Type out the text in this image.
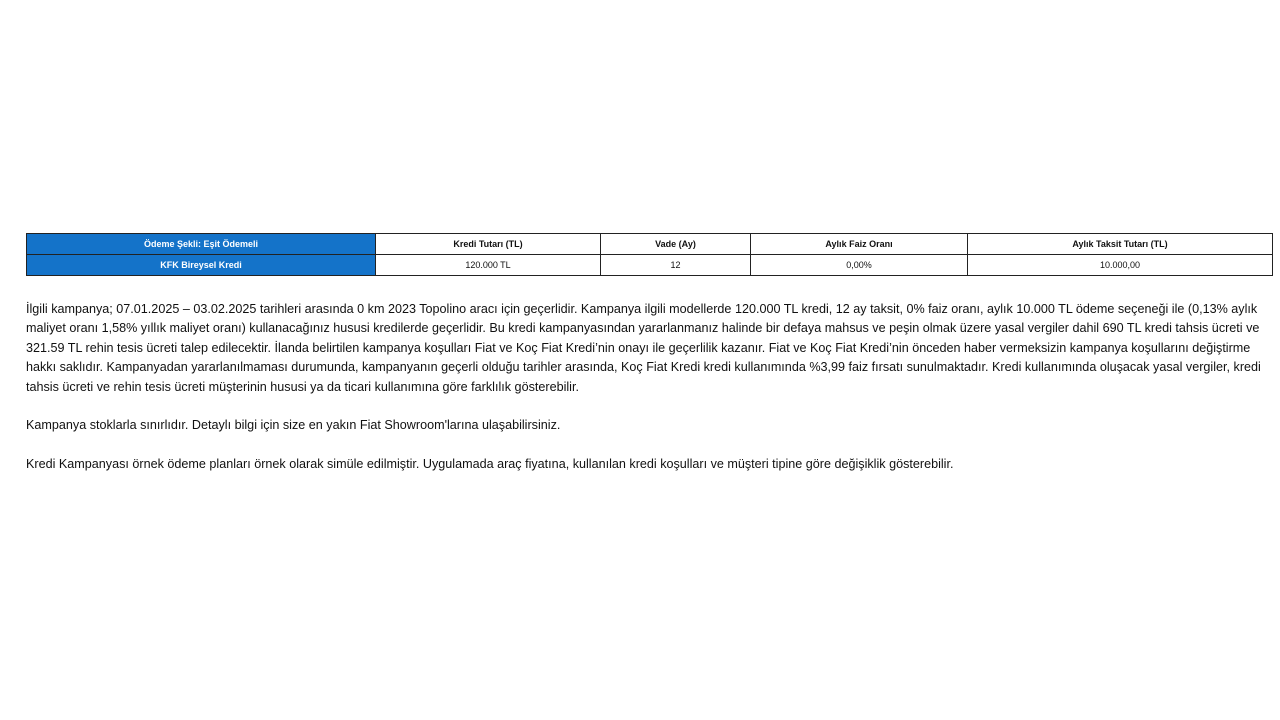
Ödeme Şekli: Eşit Ödemeli	Kredi Tutarı (TL)	Vade (Ay)	Aylık Faiz Oranı	Aylık Taksit Tutarı (TL)
KFK Bireysel Kredi	120.000 TL	12	0,00%	10.000,00

İlgili kampanya; 07.01.2025 – 03.02.2025 tarihleri arasında 0 km 2023 Topolino aracı için geçerlidir. Kampanya ilgili modellerde 120.000 TL kredi, 12 ay taksit, 0% faiz oranı, aylık 10.000 TL ödeme seçeneği ile (0,13% aylık maliyet oranı 1,58% yıllık maliyet oranı) kullanacağınız hususi kredilerde geçerlidir. Bu kredi kampanyasından yararlanmanız halinde bir defaya mahsus ve peşin olmak üzere yasal vergiler dahil 690 TL kredi tahsis ücreti ve 321.59 TL rehin tesis ücreti talep edilecektir. İlanda belirtilen kampanya koşulları Fiat ve Koç Fiat Kredi’nin onayı ile geçerlilik kazanır. Fiat ve Koç Fiat Kredi’nin önceden haber vermeksizin kampanya koşullarını değiştirme hakkı saklıdır. Kampanyadan yararlanılmaması durumunda, kampanyanın geçerli olduğu tarihler arasında, Koç Fiat Kredi kredi kullanımında %3,99 faiz fırsatı sunulmaktadır. Kredi kullanımında oluşacak yasal vergiler, kredi tahsis ücreti ve rehin tesis ücreti müşterinin hususi ya da ticari kullanımına göre farklılık gösterebilir.

Kampanya stoklarla sınırlıdır. Detaylı bilgi için size en yakın Fiat Showroom'larına ulaşabilirsiniz.

Kredi Kampanyası örnek ödeme planları örnek olarak simüle edilmiştir. Uygulamada araç fiyatına, kullanılan kredi koşulları ve müşteri tipine göre değişiklik gösterebilir.
